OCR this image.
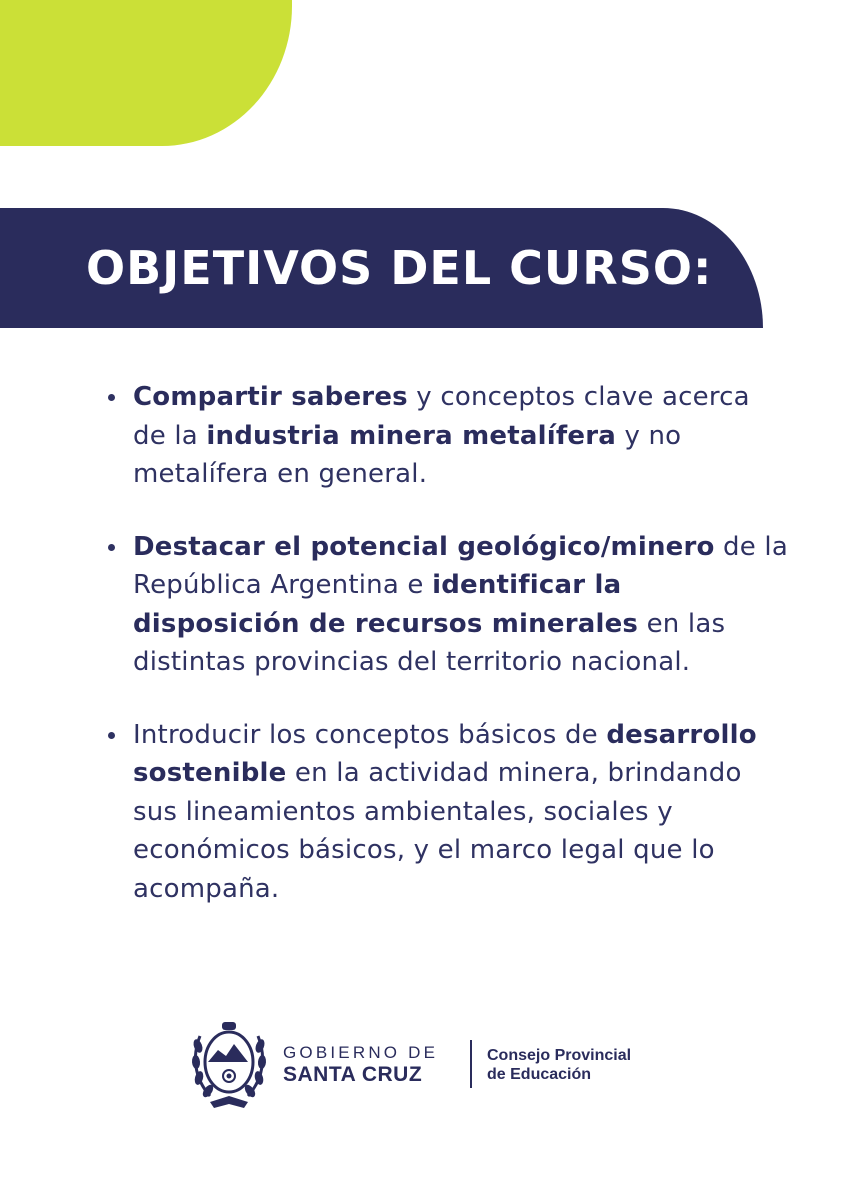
OBJETIVOS DEL CURSO:
Compartir saberes y conceptos clave acerca de la industria minera metalífera y no metalífera en general.
Destacar el potencial geológico/minero de la República Argentina e identificar la disposición de recursos minerales en las distintas provincias del territorio nacional.
Introducir los conceptos básicos de desarrollo sostenible en la actividad minera, brindando sus lineamientos ambientales, sociales y económicos básicos, y el marco legal que lo acompaña.
GOBIERNO DE
SANTA CRUZ
Consejo Provincial
de Educación
